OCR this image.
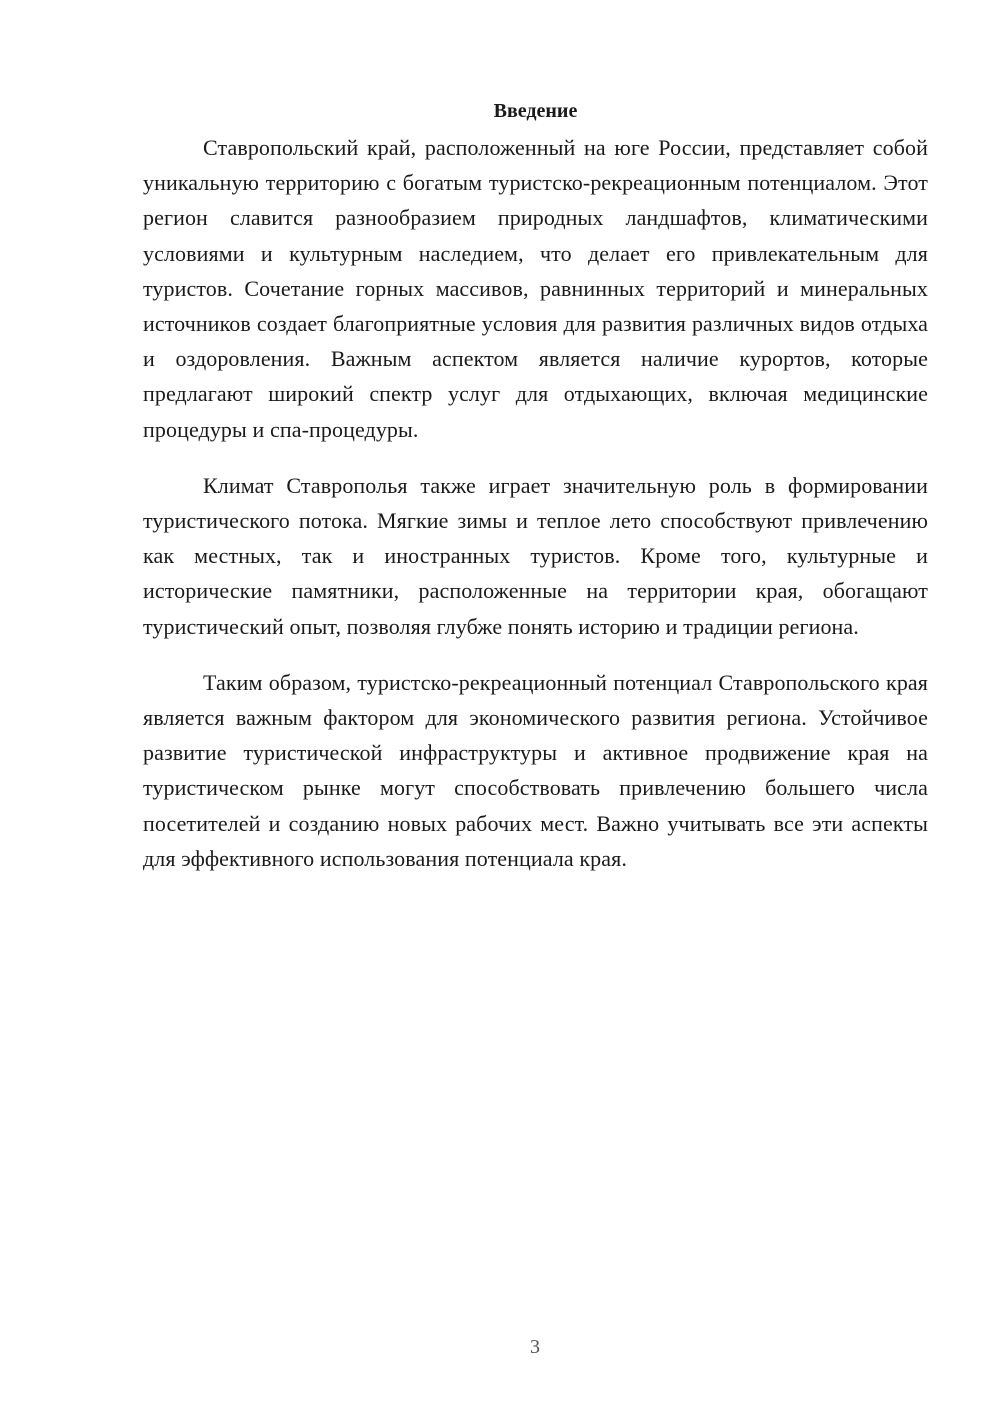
Введение

Ставропольский край, расположенный на юге России, представляет собой уникальную территорию с богатым туристско-рекреационным потенциалом. Этот регион славится разнообразием природных ландшафтов, климатическими условиями и культурным наследием, что делает его привлекательным для туристов. Сочетание горных массивов, равнинных территорий и минеральных источников создает благоприятные условия для развития различных видов отдыха и оздоровления. Важным аспектом является наличие курортов, которые предлагают широкий спектр услуг для отдыхающих, включая медицинские процедуры и спа-процедуры.

Климат Ставрополья также играет значительную роль в формировании туристического потока. Мягкие зимы и теплое лето способствуют привлечению как местных, так и иностранных туристов. Кроме того, культурные и исторические памятники, расположенные на территории края, обогащают туристический опыт, позволяя глубже понять историю и традиции региона.

Таким образом, туристско-рекреационный потенциал Ставропольского края является важным фактором для экономического развития региона. Устойчивое развитие туристической инфраструктуры и активное продвижение края на туристическом рынке могут способствовать привлечению большего числа посетителей и созданию новых рабочих мест. Важно учитывать все эти аспекты для эффективного использования потенциала края.

3
